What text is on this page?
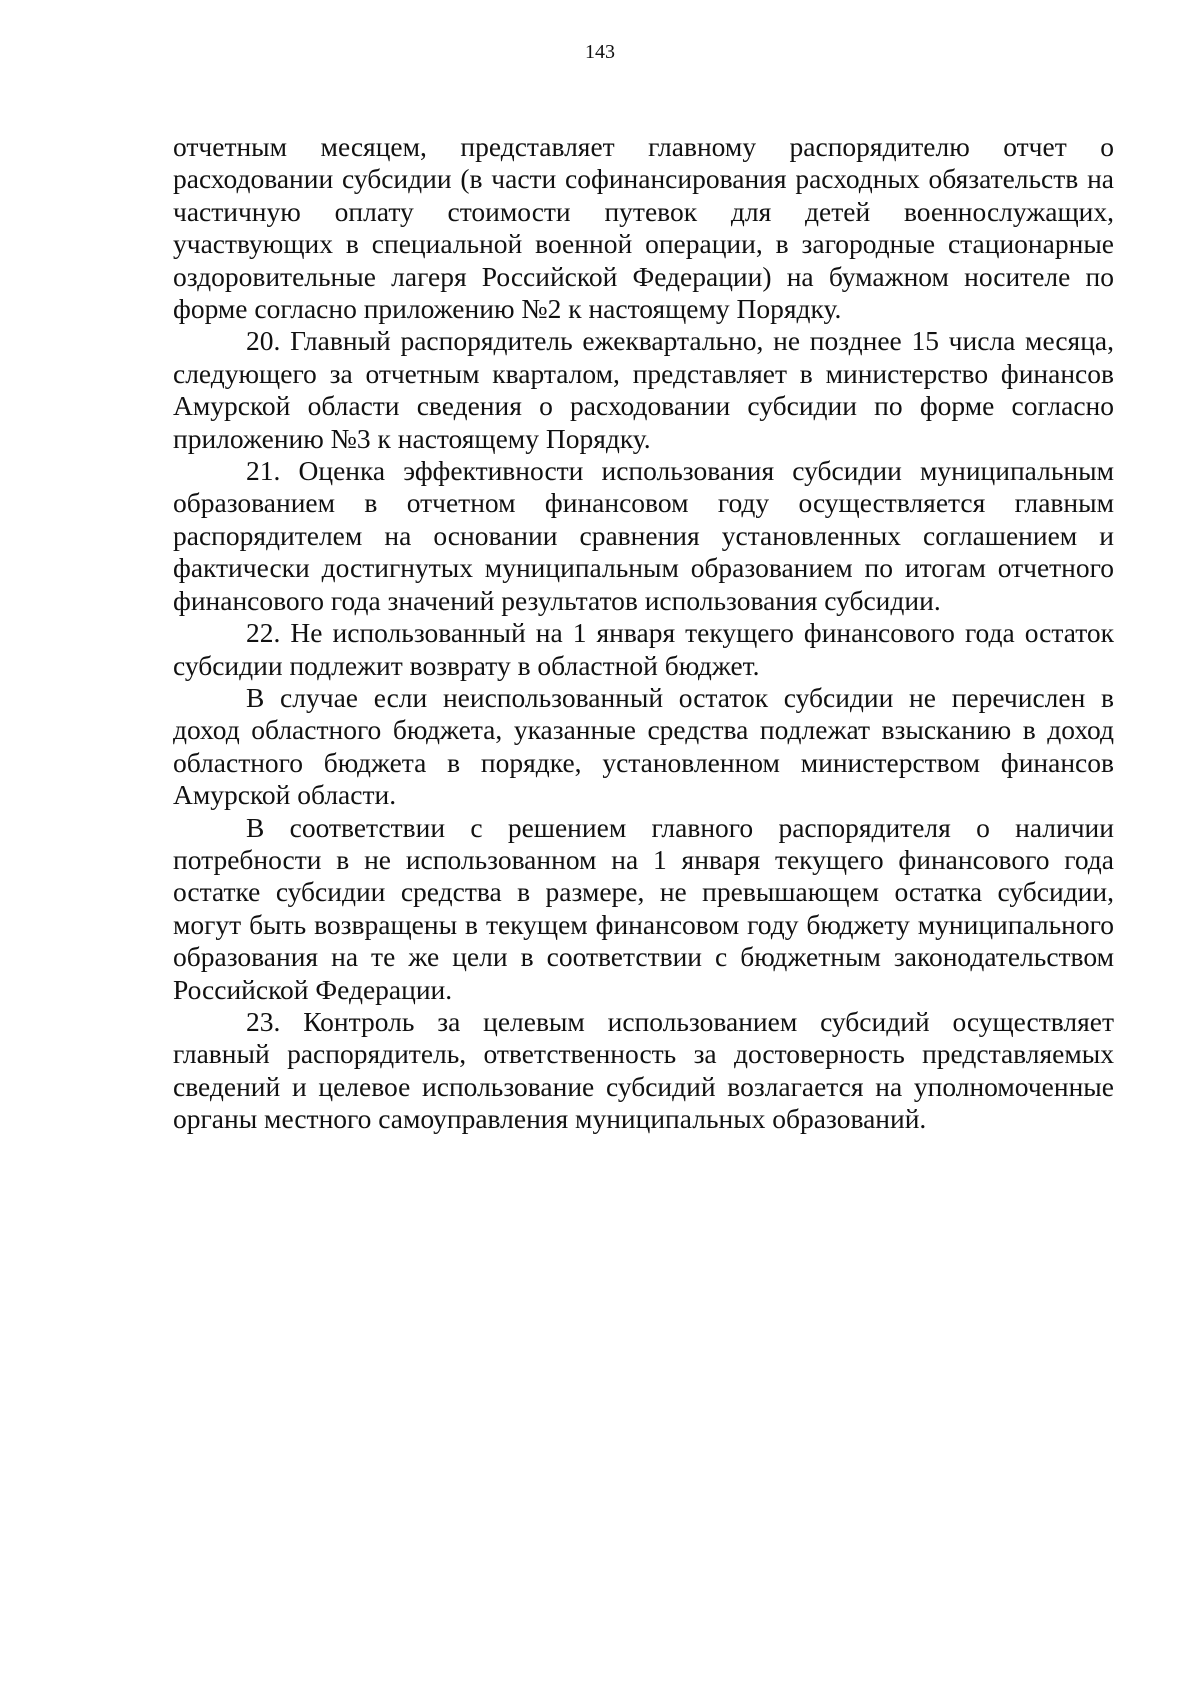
143

отчетным месяцем, представляет главному распорядителю отчет о расходовании субсидии (в части софинансирования расходных обязательств на частичную оплату стоимости путевок для детей военнослужащих, участвующих в специальной военной операции, в загородные стационарные оздоровительные лагеря Российской Федерации) на бумажном носителе по форме согласно приложению №2 к настоящему Порядку.

20. Главный распорядитель ежеквартально, не позднее 15 числа месяца, следующего за отчетным кварталом, представляет в министерство финансов Амурской области сведения о расходовании субсидии по форме согласно приложению №3 к настоящему Порядку.

21. Оценка эффективности использования субсидии муниципальным образованием в отчетном финансовом году осуществляется главным распорядителем на основании сравнения установленных соглашением и фактически достигнутых муниципальным образованием по итогам отчетного финансового года значений результатов использования субсидии.

22. Не использованный на 1 января текущего финансового года остаток субсидии подлежит возврату в областной бюджет.

В случае если неиспользованный остаток субсидии не перечислен в доход областного бюджета, указанные средства подлежат взысканию в доход областного бюджета в порядке, установленном министерством финансов Амурской области.

В соответствии с решением главного распорядителя о наличии потребности в не использованном на 1 января текущего финансового года остатке субсидии средства в размере, не превышающем остатка субсидии, могут быть возвращены в текущем финансовом году бюджету муниципального образования на те же цели в соответствии с бюджетным законодательством Российской Федерации.

23. Контроль за целевым использованием субсидий осуществляет главный распорядитель, ответственность за достоверность представляемых сведений и целевое использование субсидий возлагается на уполномоченные органы местного самоуправления муниципальных образований.
